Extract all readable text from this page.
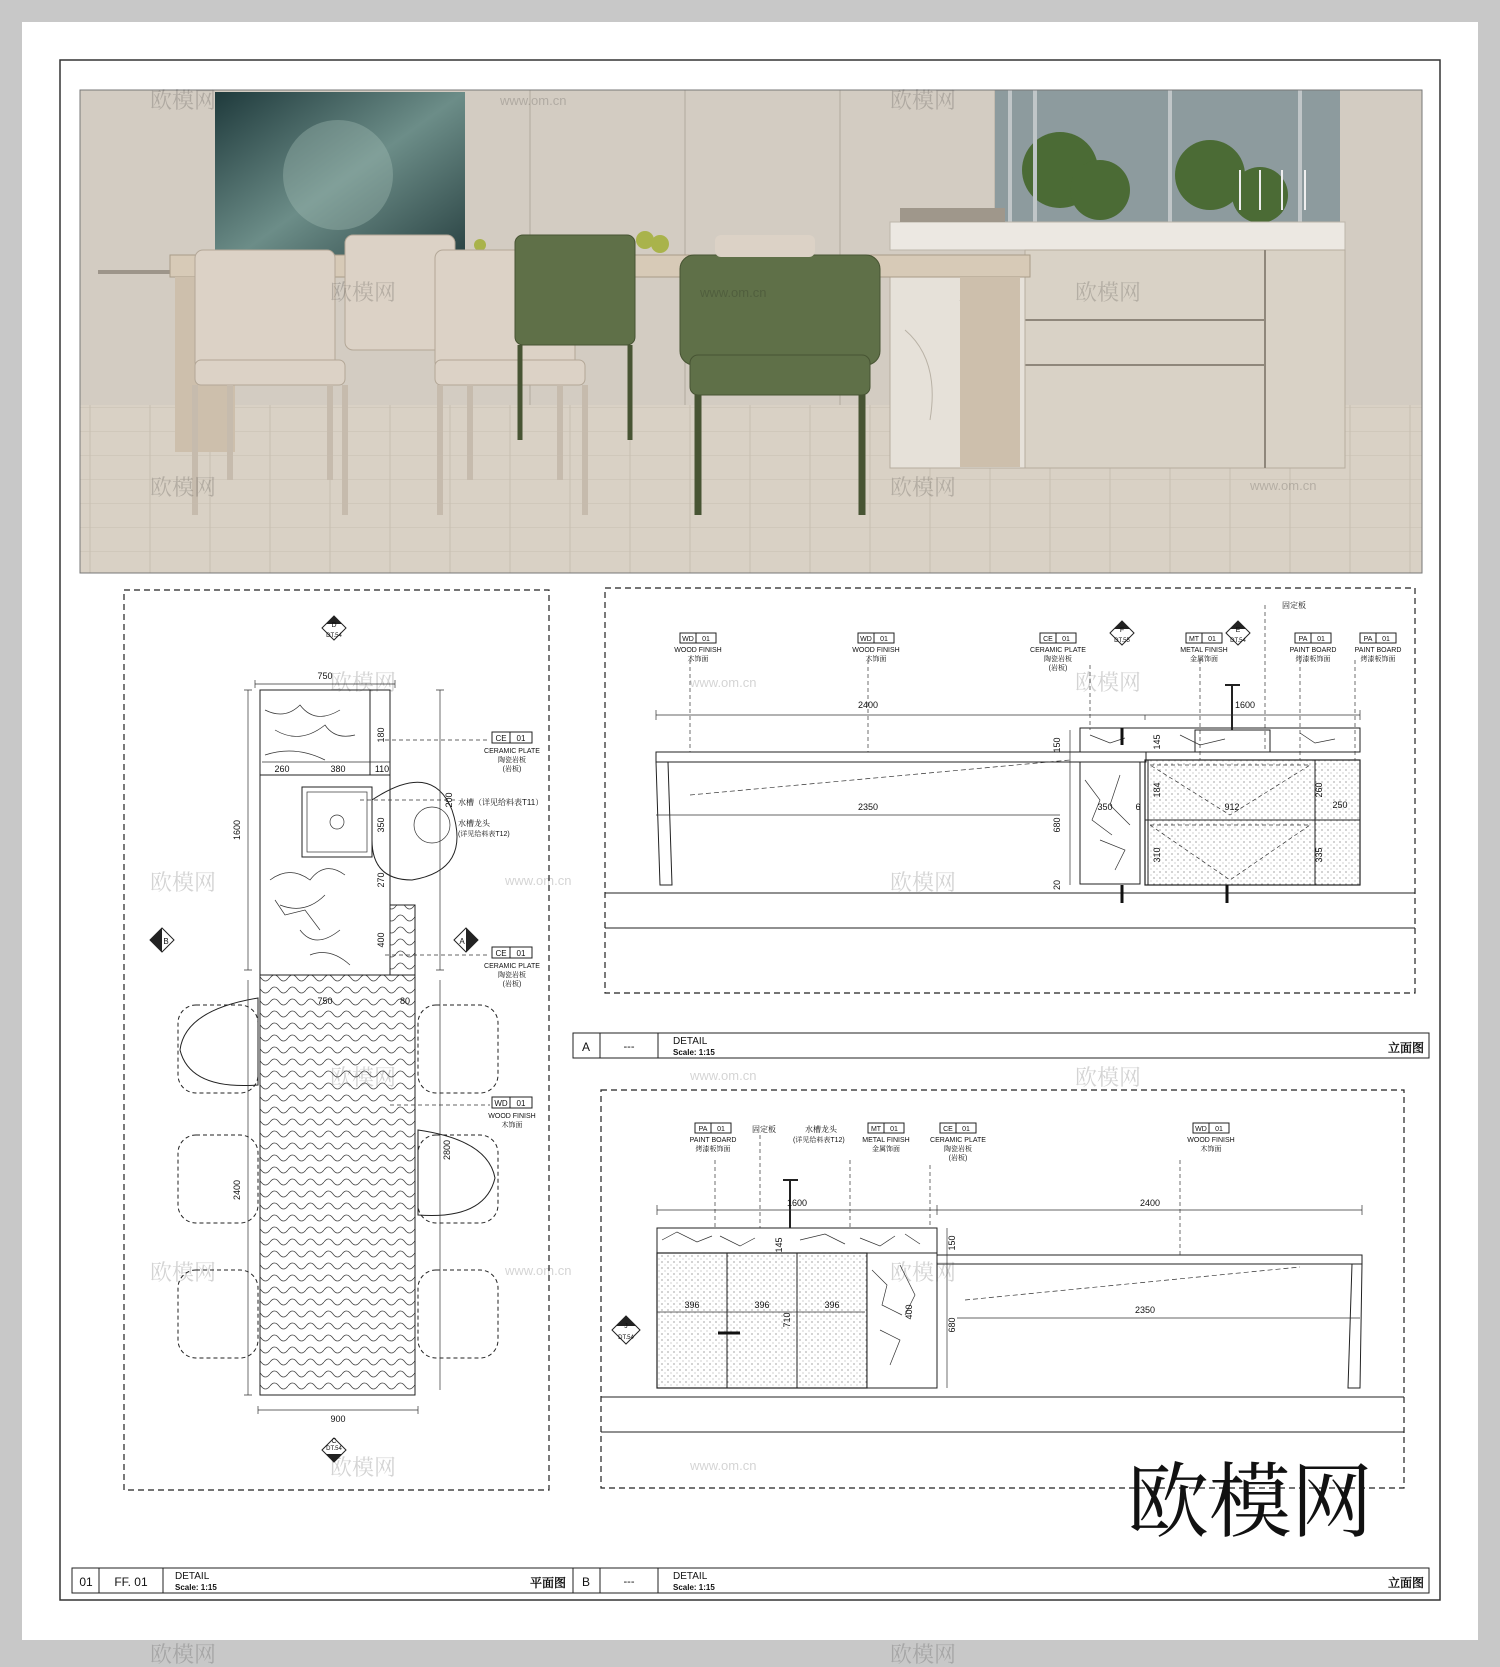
750
260	380	110
750	80
900
1600
2400
2800
180
200
350
270
400
D
DT.54
B	A
DT.54
C
CE 01
CERAMIC PLATE
陶瓷岩板
(岩板)
水槽（详见给料表T11）
水槽龙头
(详见给料表T12)
CE 01
CERAMIC PLATE
陶瓷岩板
(岩板)
WD 01
WOOD FINISH
木饰面
2400	1600
2350	350	912
6
150
680
20
145
184
310
260
250
335
F
DT.55
E
DT.54
固定板
WD 01
WOOD FINISH
木饰面
WD 01
WOOD FINISH
木饰面
CE 01
CERAMIC PLATE
陶瓷岩板
(岩板)
MT 01
METAL FINISH
金属饰面
PA 01
PAINT BOARD
烤漆板饰面
PA 01
PAINT BOARD
烤漆板饰面
A	---	DETAIL
Scale: 1:15	立面图
1600	2400
2350
396	396	396
150
680
710
400
145
固定板	水槽龙头
(详见给料表T12)
J
DT.54
PA 01
PAINT BOARD
烤漆板饰面
MT 01
METAL FINISH
金属饰面
CE 01
CERAMIC PLATE
陶瓷岩板
(岩板)
WD 01
WOOD FINISH
木饰面
01 FF. 01	DETAIL
Scale: 1:15	平面图 B	---	DETAIL
Scale: 1:15	立面图
欧模网	欧模网
www.om.cn
欧模网	欧模网
www.om.cn
欧模网	欧模网	www.om.cn
欧模网	欧模网
www.om.cn
欧模网	欧模网
www.om.cn
欧模网	欧模网
www.om.cn
欧模网	欧模网
www.om.cn
欧模网	www.om.cn
欧模网	欧模网
欧模网
